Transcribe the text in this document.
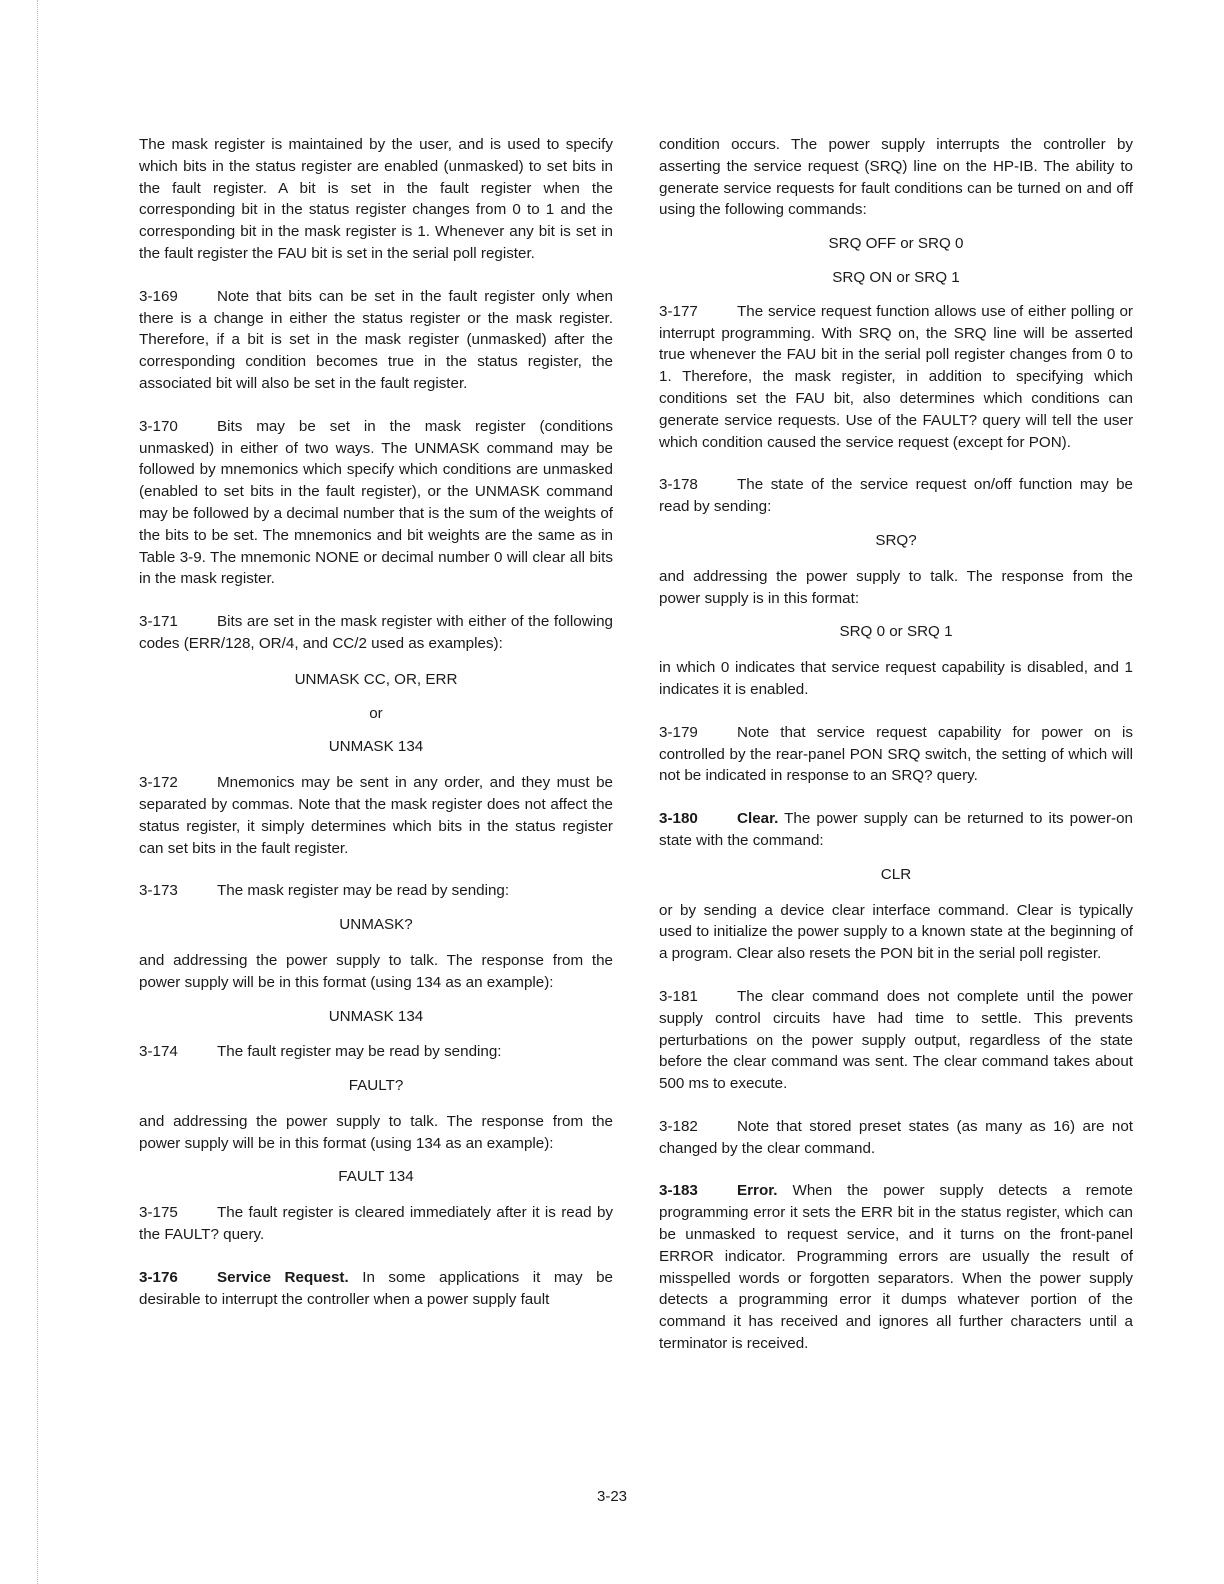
The mask register is maintained by the user, and is used to specify which bits in the status register are enabled (unmasked) to set bits in the fault register. A bit is set in the fault register when the corresponding bit in the status register changes from 0 to 1 and the corresponding bit in the mask register is 1. Whenever any bit is set in the fault register the FAU bit is set in the serial poll register.

3-169	Note that bits can be set in the fault register only when there is a change in either the status register or the mask register. Therefore, if a bit is set in the mask register (unmasked) after the corresponding condition becomes true in the status register, the associated bit will also be set in the fault register.

3-170	Bits may be set in the mask register (conditions unmasked) in either of two ways. The UNMASK command may be followed by mnemonics which specify which conditions are unmasked (enabled to set bits in the fault register), or the UNMASK command may be followed by a decimal number that is the sum of the weights of the bits to be set. The mnemonics and bit weights are the same as in Table 3-9. The mnemonic NONE or decimal number 0 will clear all bits in the mask register.

3-171	Bits are set in the mask register with either of the following codes (ERR/128, OR/4, and CC/2 used as examples):

UNMASK CC, OR, ERR
or
UNMASK 134

3-172	Mnemonics may be sent in any order, and they must be separated by commas. Note that the mask register does not affect the status register, it simply determines which bits in the status register can set bits in the fault register.

3-173	The mask register may be read by sending:

UNMASK?

and addressing the power supply to talk. The response from the power supply will be in this format (using 134 as an example):

UNMASK 134

3-174	The fault register may be read by sending:

FAULT?

and addressing the power supply to talk. The response from the power supply will be in this format (using 134 as an example):

FAULT 134

3-175	The fault register is cleared immediately after it is read by the FAULT? query.

3-176	Service Request. In some applications it may be desirable to interrupt the controller when a power supply fault

condition occurs. The power supply interrupts the controller by asserting the service request (SRQ) line on the HP-IB. The ability to generate service requests for fault conditions can be turned on and off using the following commands:

SRQ OFF or SRQ 0
SRQ ON or SRQ 1

3-177	The service request function allows use of either polling or interrupt programming. With SRQ on, the SRQ line will be asserted true whenever the FAU bit in the serial poll register changes from 0 to 1. Therefore, the mask register, in addition to specifying which conditions set the FAU bit, also determines which conditions can generate service requests. Use of the FAULT? query will tell the user which condition caused the service request (except for PON).

3-178	The state of the service request on/off function may be read by sending:

SRQ?

and addressing the power supply to talk. The response from the power supply is in this format:

SRQ 0 or SRQ 1

in which 0 indicates that service request capability is disabled, and 1 indicates it is enabled.

3-179	Note that service request capability for power on is controlled by the rear-panel PON SRQ switch, the setting of which will not be indicated in response to an SRQ? query.

3-180	Clear. The power supply can be returned to its power-on state with the command:

CLR

or by sending a device clear interface command. Clear is typically used to initialize the power supply to a known state at the beginning of a program. Clear also resets the PON bit in the serial poll register.

3-181	The clear command does not complete until the power supply control circuits have had time to settle. This prevents perturbations on the power supply output, regardless of the state before the clear command was sent. The clear command takes about 500 ms to execute.

3-182	Note that stored preset states (as many as 16) are not changed by the clear command.

3-183	Error. When the power supply detects a remote programming error it sets the ERR bit in the status register, which can be unmasked to request service, and it turns on the front-panel ERROR indicator. Programming errors are usually the result of misspelled words or forgotten separators. When the power supply detects a programming error it dumps whatever portion of the command it has received and ignores all further characters until a terminator is received.

3-23
